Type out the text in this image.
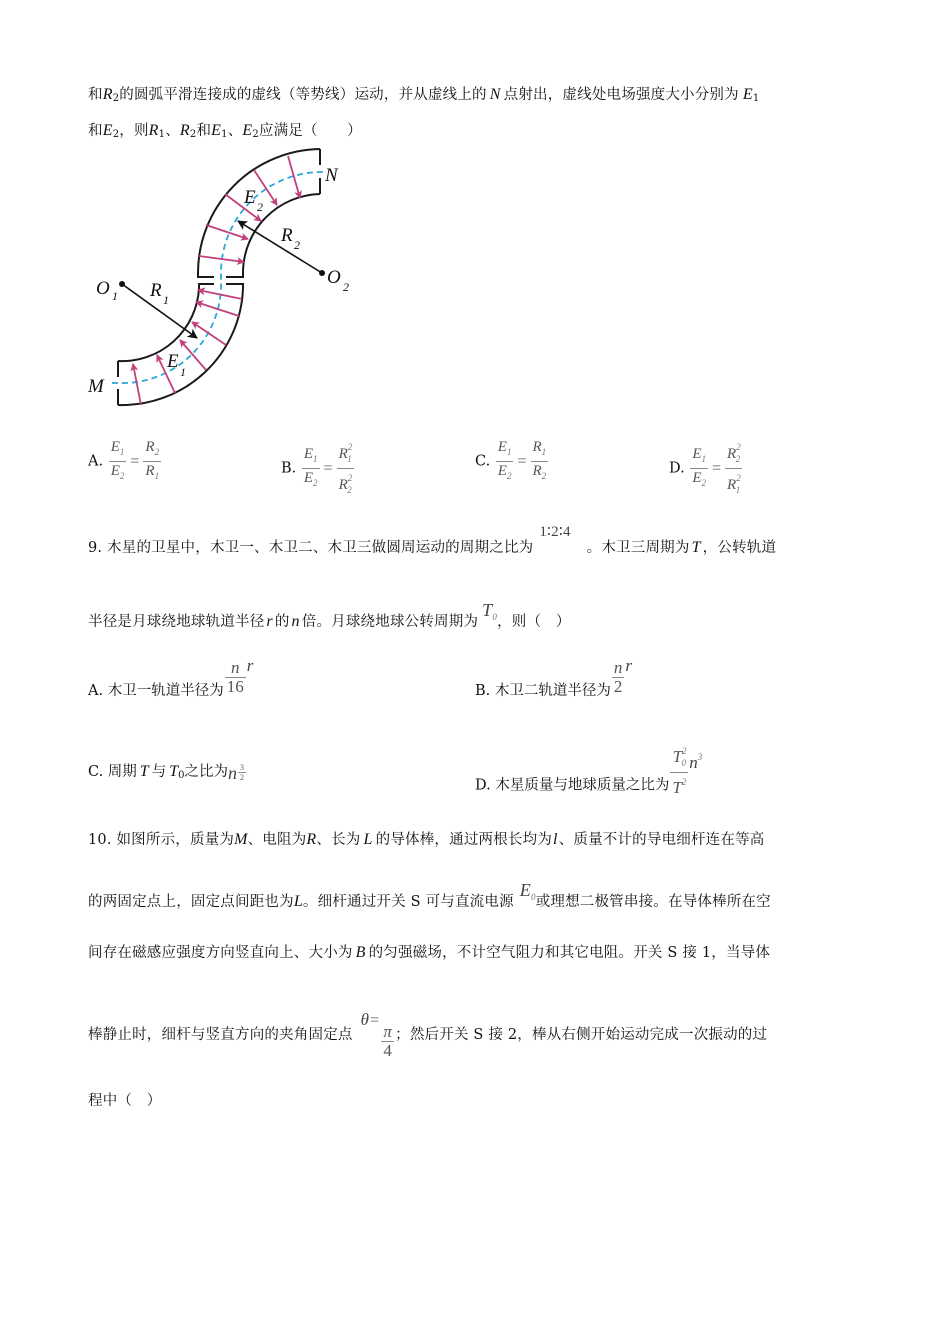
和$R_2$的圆弧平滑连接成的虚线（等势线）运动，并从虚线上的 N 点射出，虚线处电场强度大小分别为 $E_1$
和$E_2$，则$R_1$、$R_2$和$E_1$、$E_2$应满足（　　）
N
M
O 1
O 2
R 1
R 2
E 1
E 2
A. $\frac{E_1}{E_2} = \frac{R_2}{R_1}$	B. $\frac{E_1}{E_2} = \frac{R^2_1}{R^2_2}$	C. $\frac{E_1}{E_2} = \frac{R_1}{R_2}$	D. $\frac{E_1}{E_2} = \frac{R^2_2}{R^2_1}$
9. 木星的卫星中，木卫一、木卫二、木卫三做圆周运动的周期之比为1∶2∶4。木卫三周期为 T ，公转轨道
半径是月球绕地球轨道半径 r 的 n 倍。月球绕地球公转周期为$T_0$，则（　）
A. 木卫一轨道半径为 $\frac{n}{16}$ r
B. 木卫二轨道半径为 $\frac{n}{2}$ r
C. 周期 T 与 $T_0$之比为n $\frac{3}{2}$
D. 木星质量与地球质量之比为 $\frac{T^2_0}{T^2} n^3$
10. 如图所示，质量为M、电阻为R、长为 L 的导体棒，通过两根长均为l、质量不计的导电细杆连在等高
的两固定点上，固定点间距也为L。细杆通过开关 S 可与直流电源$E_0$或理想二极管串接。在导体棒所在空
间存在磁感应强度方向竖直向上、大小为 B 的匀强磁场，不计空气阻力和其它电阻。开关 S 接 1，当导体
棒静止时，细杆与竖直方向的夹角固定点θ=
$\frac{\pi}{4}$ ；然后开关 S 接 2，棒从右侧开始运动完成一次振动的过
程中（　）
